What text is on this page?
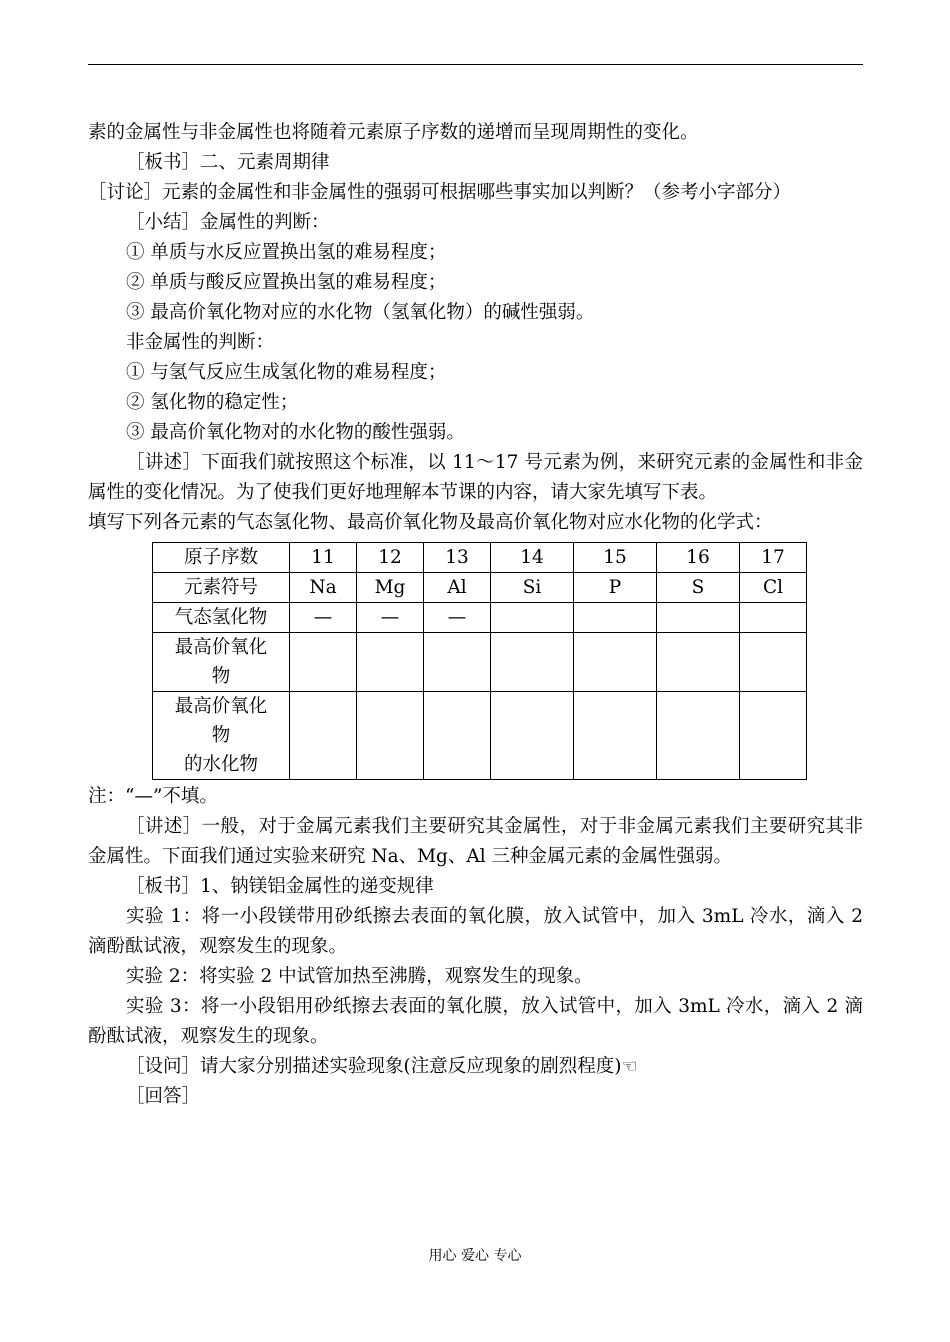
素的金属性与非金属性也将随着元素原子序数的递增而呈现周期性的变化。

［板书］二、元素周期律

［讨论］元素的金属性和非金属性的强弱可根据哪些事实加以判断？（参考小字部分）

［小结］金属性的判断：

① 单质与水反应置换出氢的难易程度；

② 单质与酸反应置换出氢的难易程度；

③ 最高价氧化物对应的水化物（氢氧化物）的碱性强弱。

非金属性的判断：

① 与氢气反应生成氢化物的难易程度；

② 氢化物的稳定性；

③ 最高价氧化物对的水化物的酸性强弱。

［讲述］下面我们就按照这个标准，以 11～17 号元素为例，来研究元素的金属性和非金属性的变化情况。为了使我们更好地理解本节课的内容，请大家先填写下表。

填写下列各元素的气态氢化物、最高价氧化物及最高价氧化物对应水化物的化学式：

原子序数	11	12	13	14	15	16	17
元素符号	Na	Mg	Al	Si	P	S	Cl
气态氢化物	—	—	—				

最高价氧化
物							

最高价氧化
物
的水化物							

注：“—”不填。

［讲述］一般，对于金属元素我们主要研究其金属性，对于非金属元素我们主要研究其非金属性。下面我们通过实验来研究 Na、Mg、Al 三种金属元素的金属性强弱。

［板书］1、钠镁铝金属性的递变规律

实验 1：将一小段镁带用砂纸擦去表面的氧化膜，放入试管中，加入 3mL 冷水，滴入 2 滴酚酞试液，观察发生的现象。

实验 2：将实验 2 中试管加热至沸腾，观察发生的现象。

实验 3：将一小段铝用砂纸擦去表面的氧化膜，放入试管中，加入 3mL 冷水，滴入 2 滴酚酞试液，观察发生的现象。

［设问］请大家分别描述实验现象(注意反应现象的剧烈程度)☜

［回答］

用心 爱心 专心
